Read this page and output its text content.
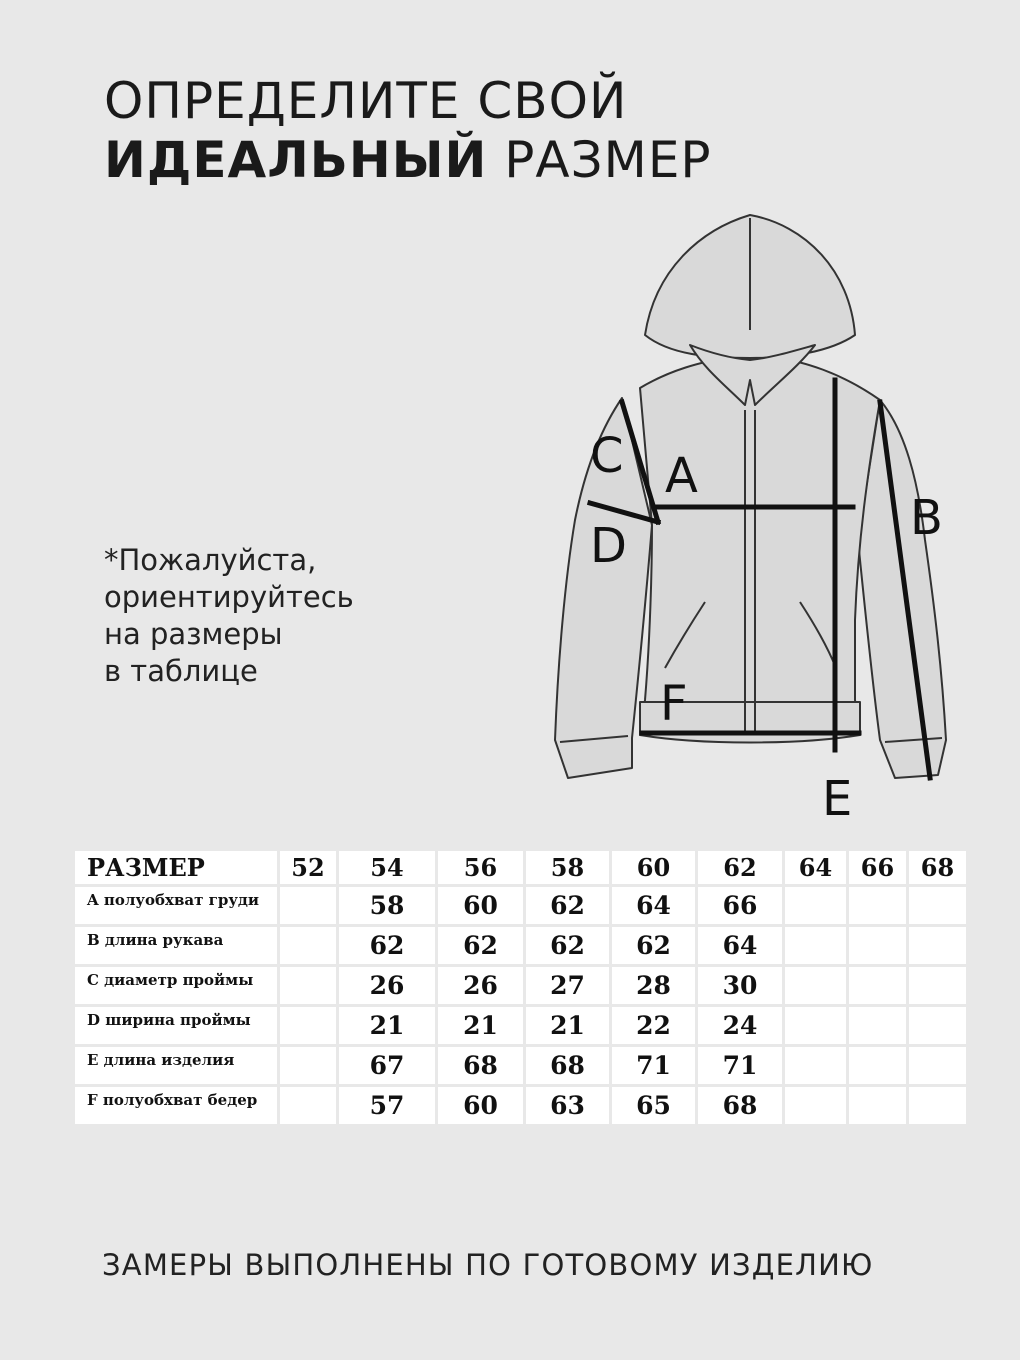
ОПРЕДЕЛИТЕ СВОЙ
ИДЕАЛЬНЫЙ РАЗМЕР
*Пожалуйста,
ориентируйтесь
на размеры
в таблице
A
B
C
D
E
F
РАЗМЕР	52	54	56	58	60	62	64	66	68
A полуобхват груди		58	60	62	64	66			
B длина рукава		62	62	62	62	64			
C диаметр проймы		26	26	27	28	30			
D ширина проймы		21	21	21	22	24			
E длина изделия		67	68	68	71	71			
F полуобхват бедер		57	60	63	65	68			
ЗАМЕРЫ ВЫПОЛНЕНЫ ПО ГОТОВОМУ ИЗДЕЛИЮ
